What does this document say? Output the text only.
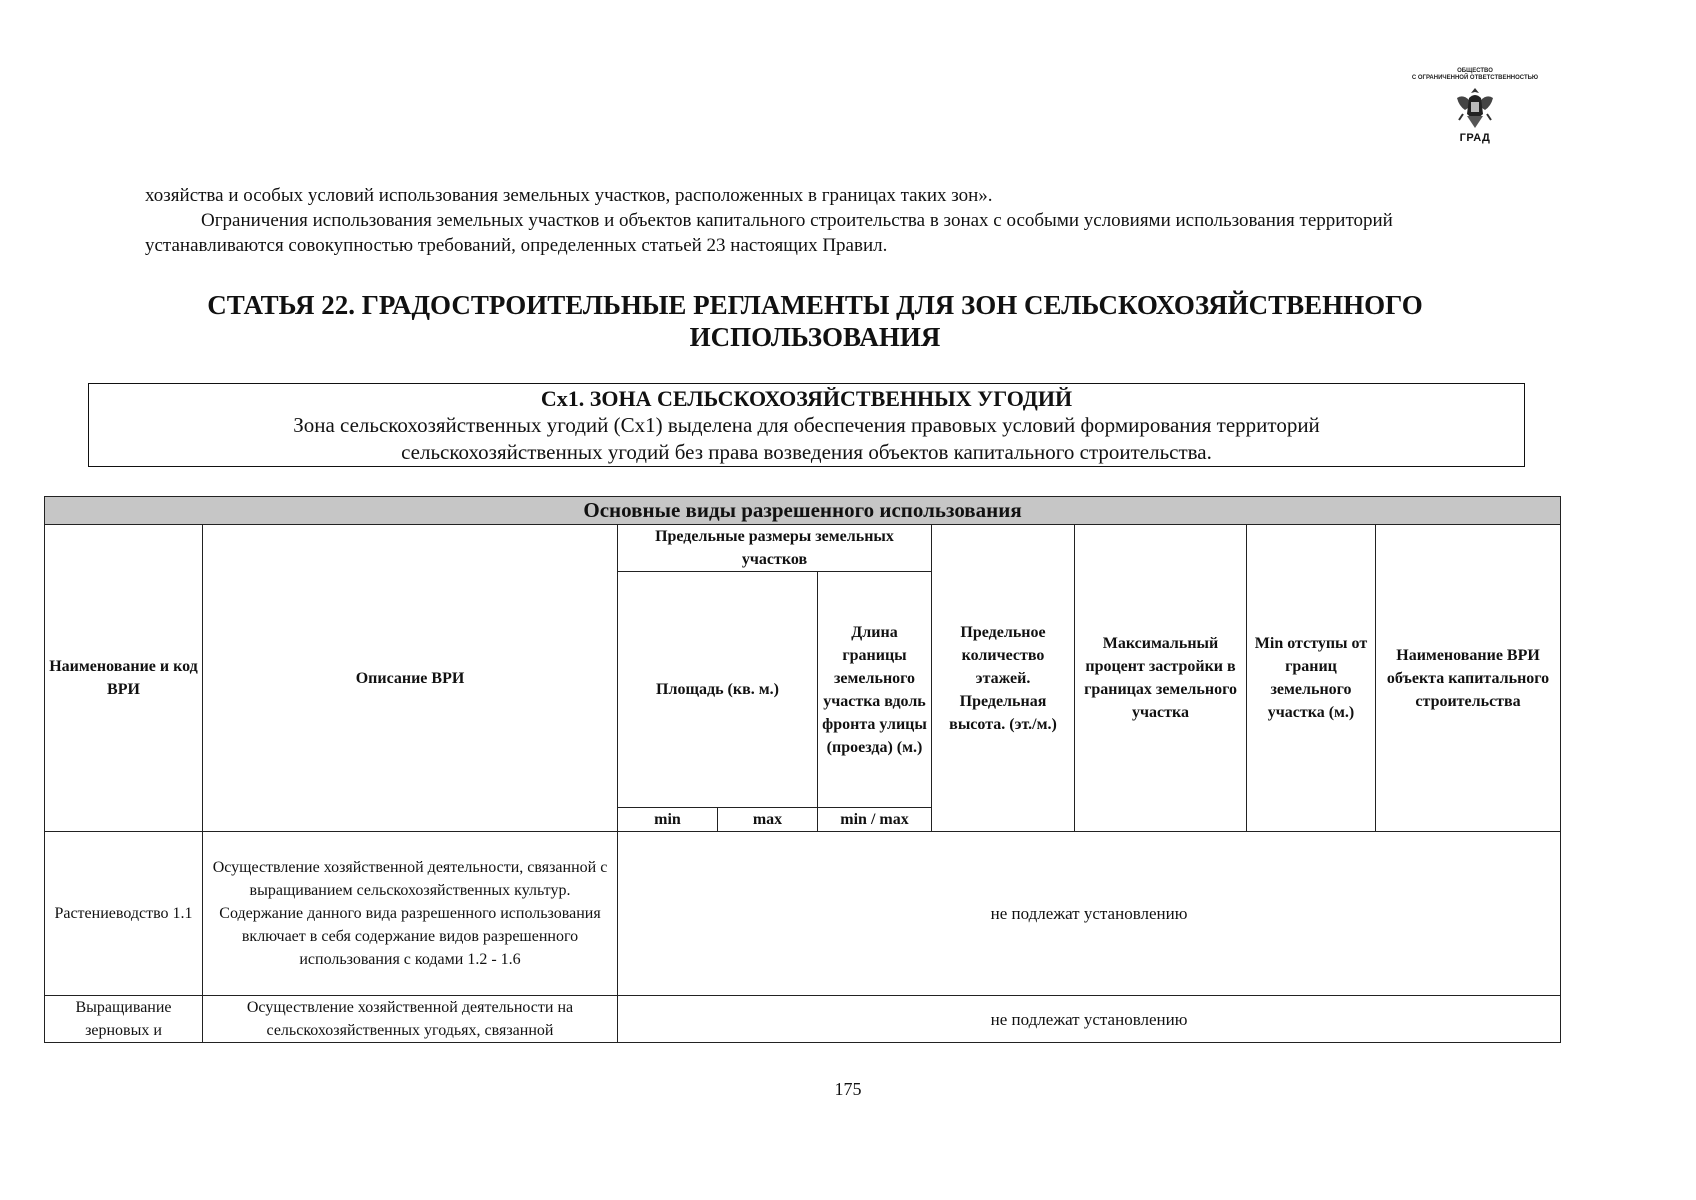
ОБЩЕСТВО
С ОГРАНИЧЕННОЙ ОТВЕТСТВЕННОСТЬЮ
ГРАД

хозяйства и особых условий использования земельных участков, расположенных в границах таких зон».

Ограничения использования земельных участков и объектов капитального строительства в зонах с особыми условиями использования территорий устанавливаются совокупностью требований, определенных статьей 23 настоящих Правил.

СТАТЬЯ 22. ГРАДОСТРОИТЕЛЬНЫЕ РЕГЛАМЕНТЫ ДЛЯ ЗОН СЕЛЬСКОХОЗЯЙСТВЕННОГО ИСПОЛЬЗОВАНИЯ
Сх1. ЗОНА СЕЛЬСКОХОЗЯЙСТВЕННЫХ УГОДИЙ
Зона сельскохозяйственных угодий (Сх1) выделена для обеспечения правовых условий формирования территорий сельскохозяйственных угодий без права возведения объектов капитального строительства.
Основные виды разрешенного использования								
Наименование и код ВРИ	Описание ВРИ	Предельные размеры земельных участков			Предельное количество этажей. Предельная высота. (эт./м.)	Максимальный процент застройки в границах земельного участка	Min отступы от границ земельного участка (м.)	Наименование ВРИ объекта капитального строительства
		Площадь (кв. м.)		Длина границы земельного участка вдоль фронта улицы (проезда) (м.)				
		min	max	min / max				
Растениеводство 1.1	Осуществление хозяйственной деятельности, связанной с выращиванием сельскохозяйственных культур. Содержание данного вида разрешенного использования включает в себя содержание видов разрешенного использования с кодами 1.2 - 1.6	не подлежат установлению						
Выращивание зерновых и	Осуществление хозяйственной деятельности на сельскохозяйственных угодьях, связанной	не подлежат установлению						
175
